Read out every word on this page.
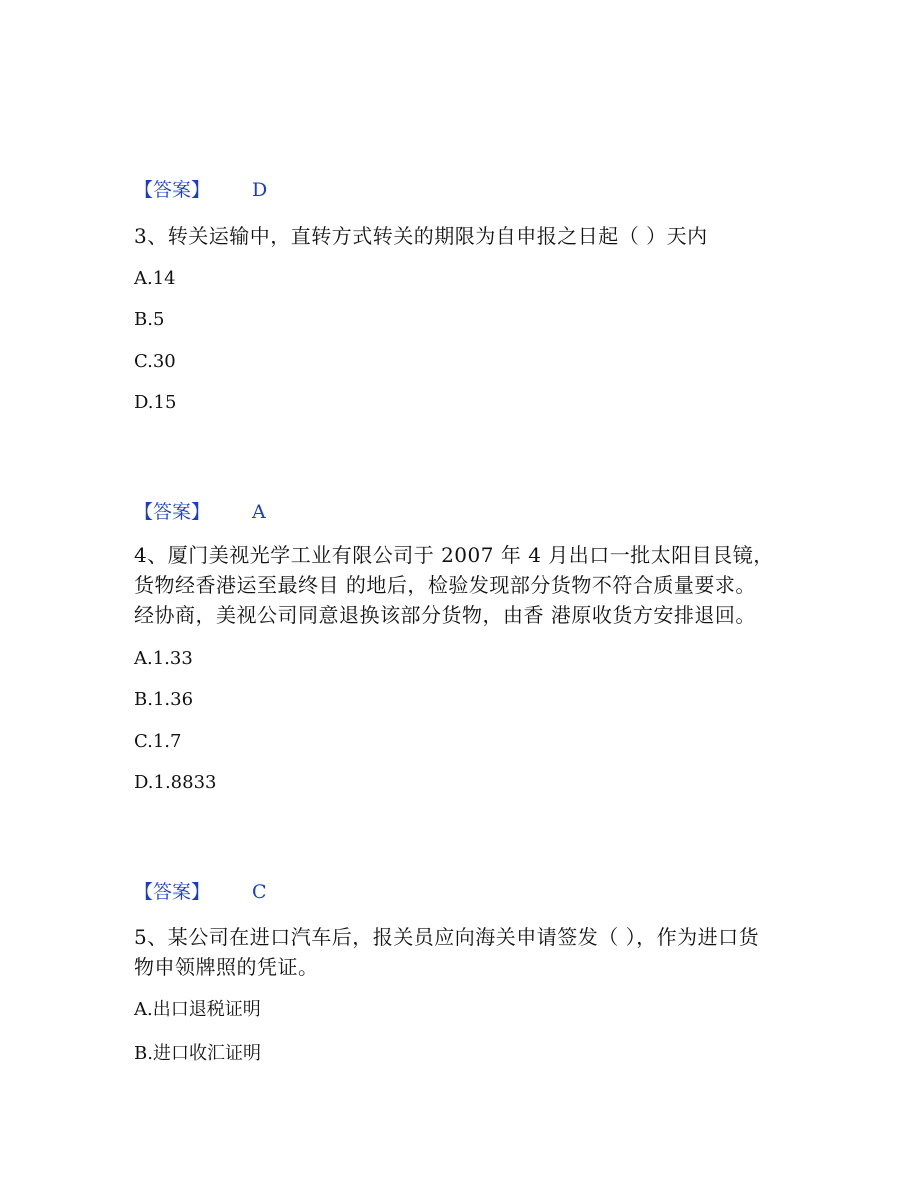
【答案】 D
3、转关运输中，直转方式转关的期限为自申报之日起（ ）天内
A.14
B.5
C.30
D.15
【答案】 A
4、厦门美视光学工业有限公司于 2007 年 4 月出口一批太阳目艮镜，
货物经香港运至最终目 的地后，检验发现部分货物不符合质量要求。
经协商，美视公司同意退换该部分货物，由香 港原收货方安排退回。
A.1.33
B.1.36
C.1.7
D.1.8833
【答案】 C
5、某公司在进口汽车后，报关员应向海关申请签发（ ），作为进口货
物申领牌照的凭证。
A.出口退税证明
B.进口收汇证明
